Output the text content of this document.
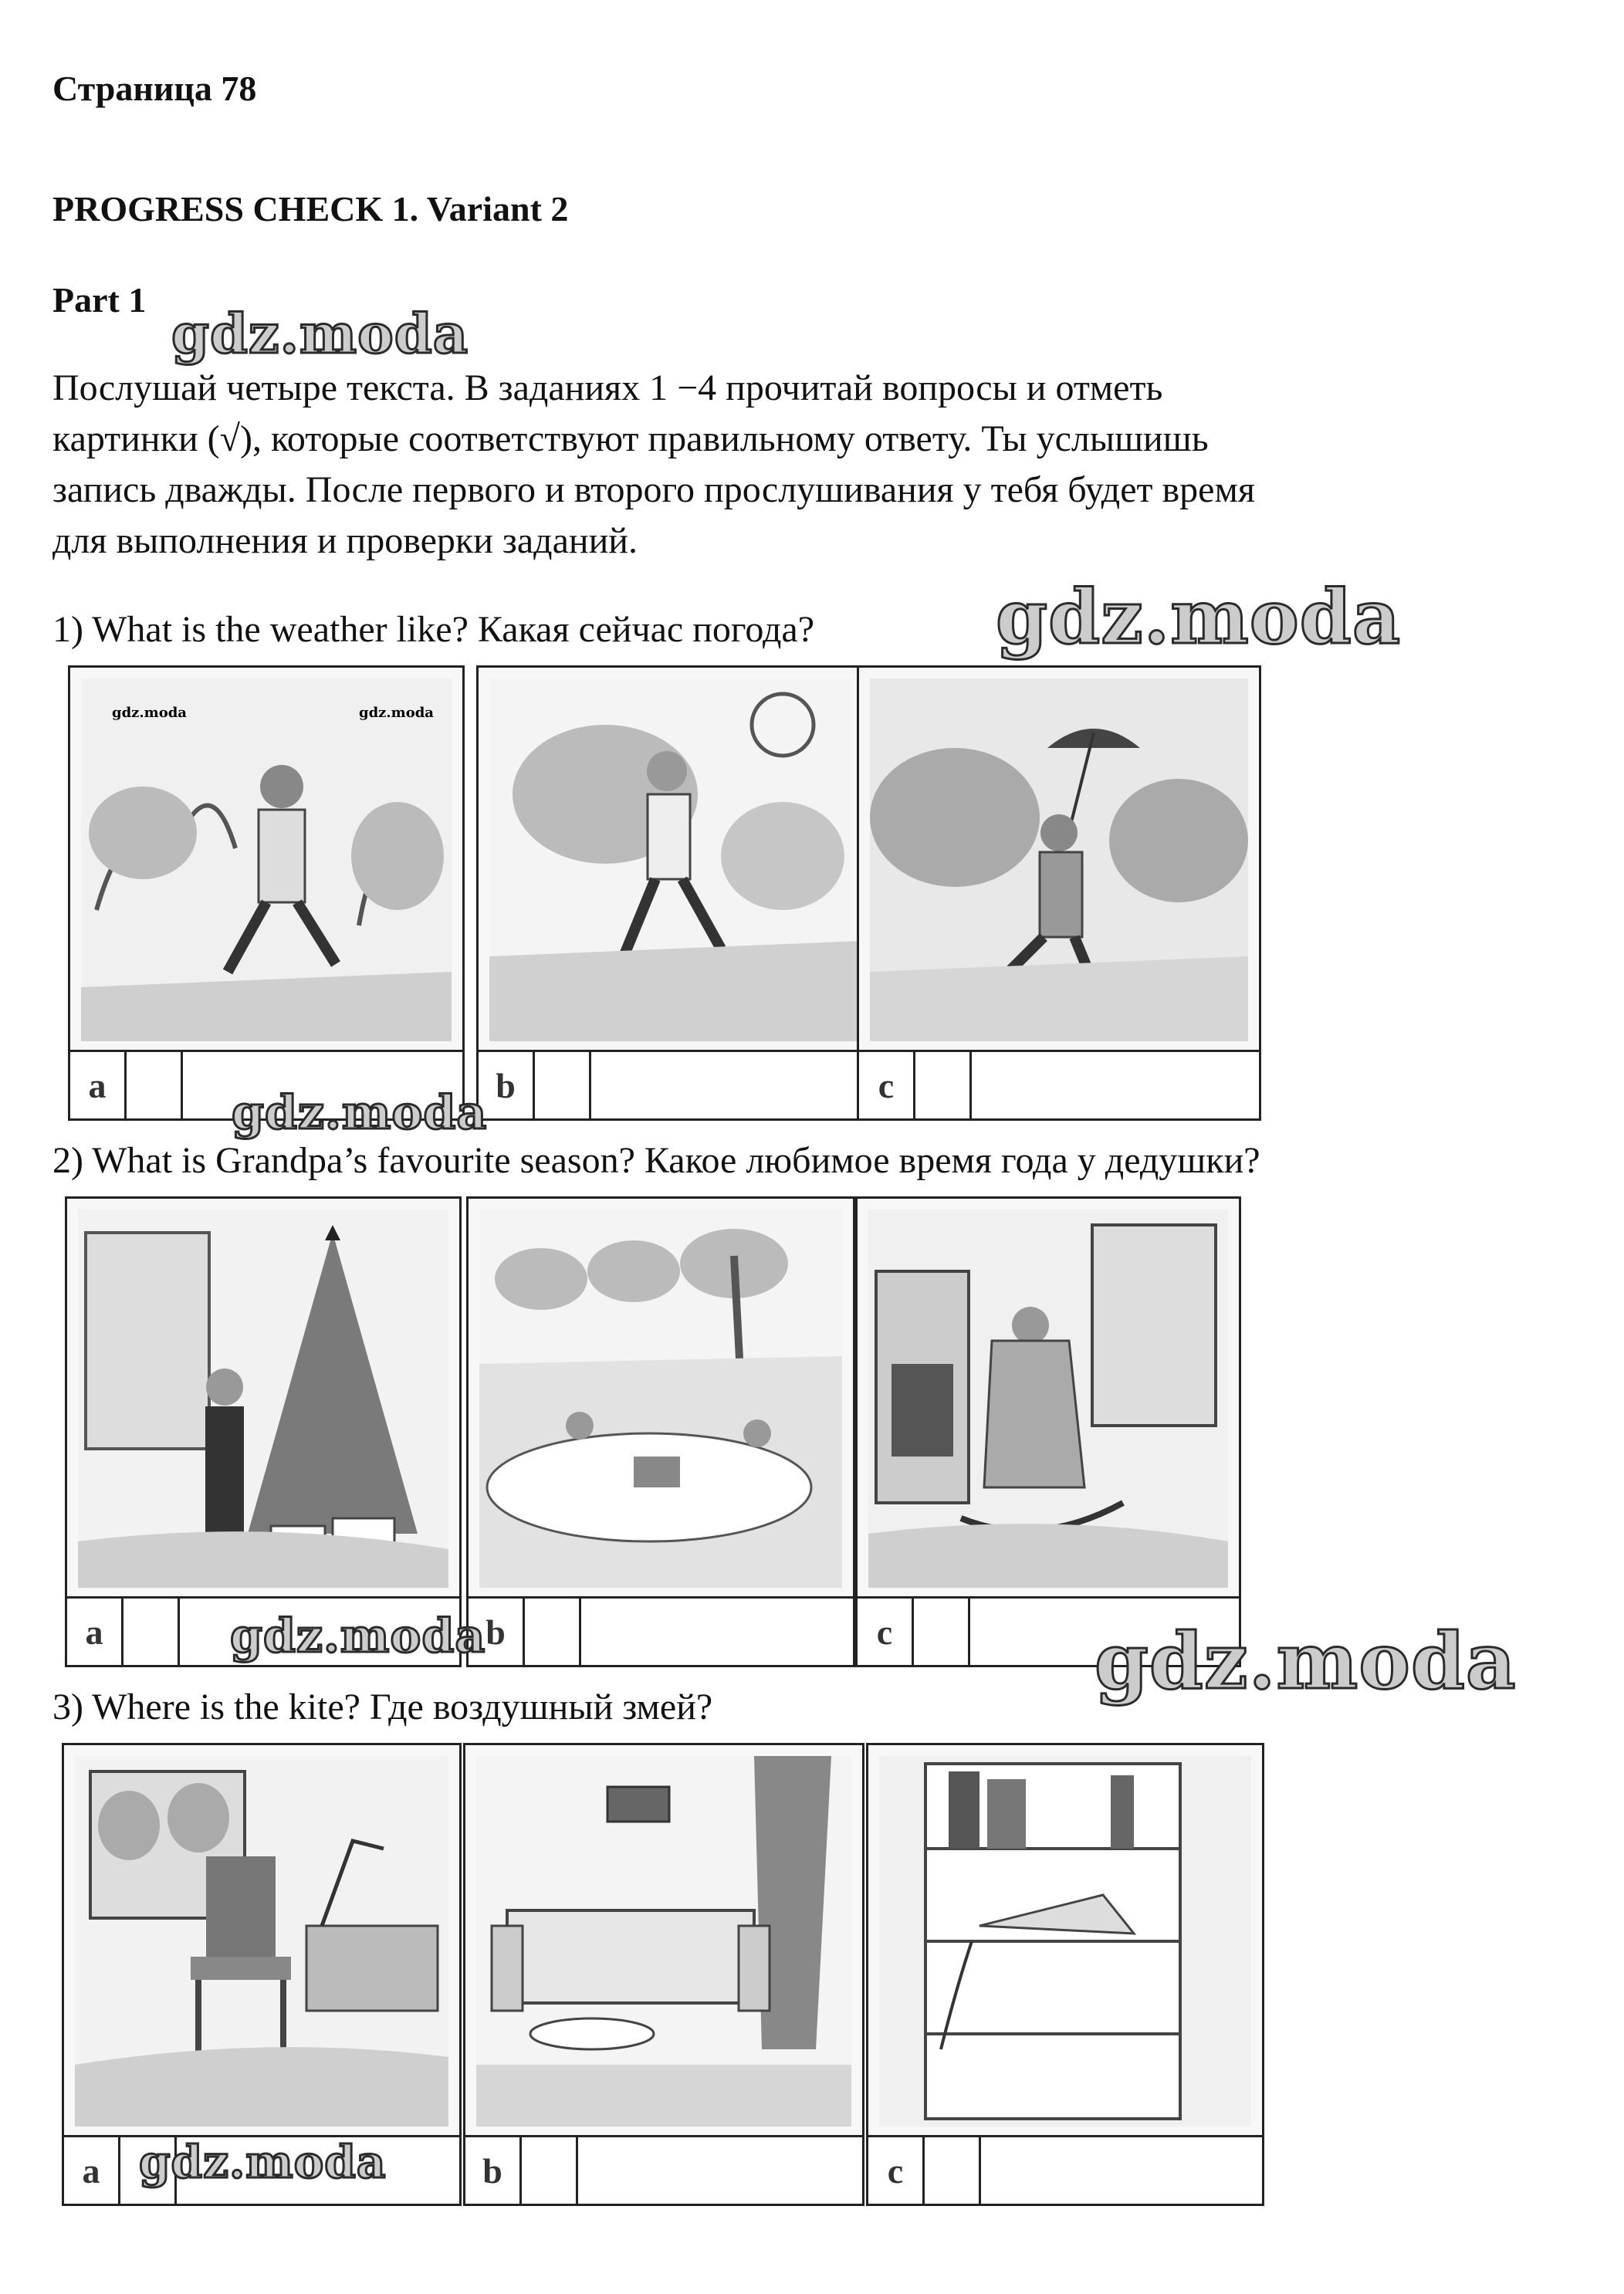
Страница 78
PROGRESS CHECK 1. Variant 2
Part 1
gdz.moda
Послушай четыре текста. В заданиях 1 −4 прочитай вопросы и отметь
картинки (√), которые соответствуют правильному ответу. Ты услышишь
запись дважды. После первого и второго прослушивания у тебя будет время
для выполнения и проверки заданий.
1) What is the weather like? Какая сейчас погода? gdz.moda
gdz.moda	gdz.moda
a	b	c
gdz.moda
2) What is Grandpa’s favourite season? Какое любимое время года у дедушки?
a	b	c
gdz.moda	gdz.moda
3) Where is the kite? Где воздушный змей?
a	b	c
gdz.moda
